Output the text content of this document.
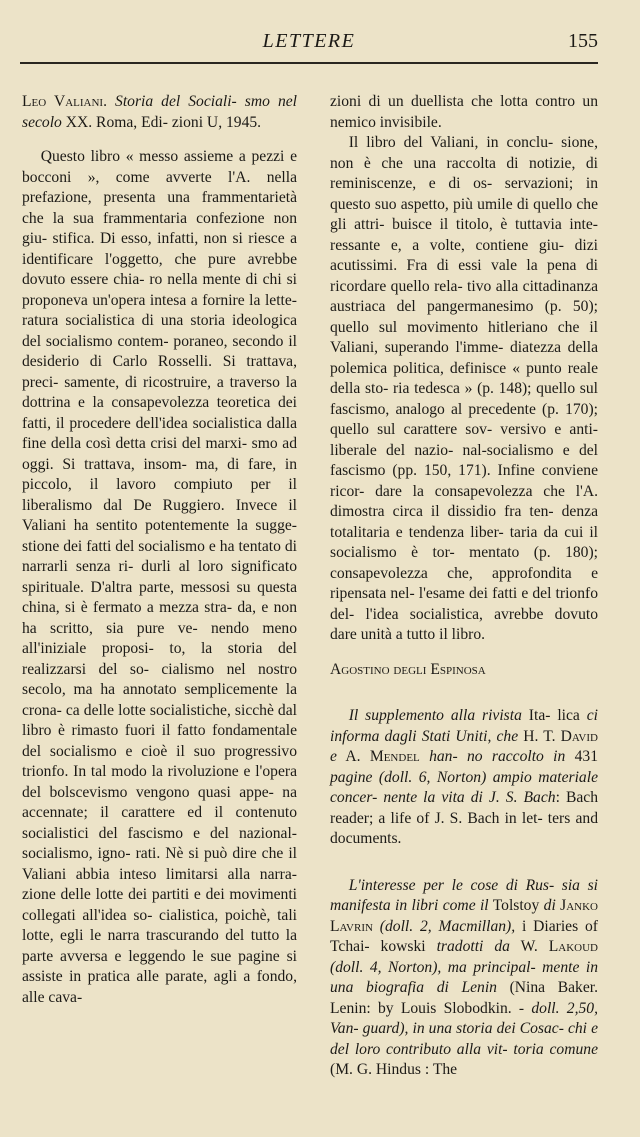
LETTERE	155

Leo Valiani. Storia del Sociali- smo nel secolo XX. Roma, Edi- zioni U, 1945.

Questo libro « messo assieme a pezzi e bocconi », come avverte l'A. nella prefazione, presenta una frammentarietà che la sua frammentaria confezione non giu- stifica. Di esso, infatti, non si riesce a identificare l'oggetto, che pure avrebbe dovuto essere chia- ro nella mente di chi si proponeva un'opera intesa a fornire la lette- ratura socialistica di una storia ideologica del socialismo contem- poraneo, secondo il desiderio di Carlo Rosselli. Si trattava, preci- samente, di ricostruire, a traverso la dottrina e la consapevolezza teoretica dei fatti, il procedere dell'idea socialistica dalla fine della così detta crisi del marxi- smo ad oggi. Si trattava, insom- ma, di fare, in piccolo, il lavoro compiuto per il liberalismo dal De Ruggiero. Invece il Valiani ha sentito potentemente la sugge- stione dei fatti del socialismo e ha tentato di narrarli senza ri- durli al loro significato spirituale. D'altra parte, messosi su questa china, si è fermato a mezza stra- da, e non ha scritto, sia pure ve- nendo meno all'iniziale proposi- to, la storia del realizzarsi del so- cialismo nel nostro secolo, ma ha annotato semplicemente la crona- ca delle lotte socialistiche, sicchè dal libro è rimasto fuori il fatto fondamentale del socialismo e cioè il suo progressivo trionfo. In tal modo la rivoluzione e l'opera del bolscevismo vengono quasi appe- na accennate; il carattere ed il contenuto socialistici del fascismo e del nazional-socialismo, igno- rati. Nè si può dire che il Valiani abbia inteso limitarsi alla narra- zione delle lotte dei partiti e dei movimenti collegati all'idea so- cialistica, poichè, tali lotte, egli le narra trascurando del tutto la parte avversa e leggendo le sue pagine si assiste in pratica alle parate, agli a fondo, alle cava-

zioni di un duellista che lotta contro un nemico invisibile.

Il libro del Valiani, in conclu- sione, non è che una raccolta di notizie, di reminiscenze, e di os- servazioni; in questo suo aspetto, più umile di quello che gli attri- buisce il titolo, è tuttavia inte- ressante e, a volte, contiene giu- dizi acutissimi. Fra di essi vale la pena di ricordare quello rela- tivo alla cittadinanza austriaca del pangermanesimo (p. 50); quello sul movimento hitleriano che il Valiani, superando l'imme- diatezza della polemica politica, definisce « punto reale della sto- ria tedesca » (p. 148); quello sul fascismo, analogo al precedente (p. 170); quello sul carattere sov- versivo e anti-liberale del nazio- nal-socialismo e del fascismo (pp. 150, 171). Infine conviene ricor- dare la consapevolezza che l'A. dimostra circa il dissidio fra ten- denza totalitaria e tendenza liber- taria da cui il socialismo è tor- mentato (p. 180); consapevolezza che, approfondita e ripensata nel- l'esame dei fatti e del trionfo del- l'idea socialistica, avrebbe dovuto dare unità a tutto il libro.

Agostino degli Espinosa

Il supplemento alla rivista Ita- lica ci informa dagli Stati Uniti, che H. T. David e A. Mendel han- no raccolto in 431 pagine (doll. 6, Norton) ampio materiale concer- nente la vita di J. S. Bach: Bach reader; a life of J. S. Bach in let- ters and documents.

L'interesse per le cose di Rus- sia si manifesta in libri come il Tolstoy di Janko Lavrin (doll. 2, Macmillan), i Diaries of Tchai- kowski tradotti da W. Lakoud (doll. 4, Norton), ma principal- mente in una biografia di Lenin (Nina Baker. Lenin: by Louis Slobodkin. - doll. 2,50, Van- guard), in una storia dei Cosac- chi e del loro contributo alla vit- toria comune (M. G. Hindus : The
